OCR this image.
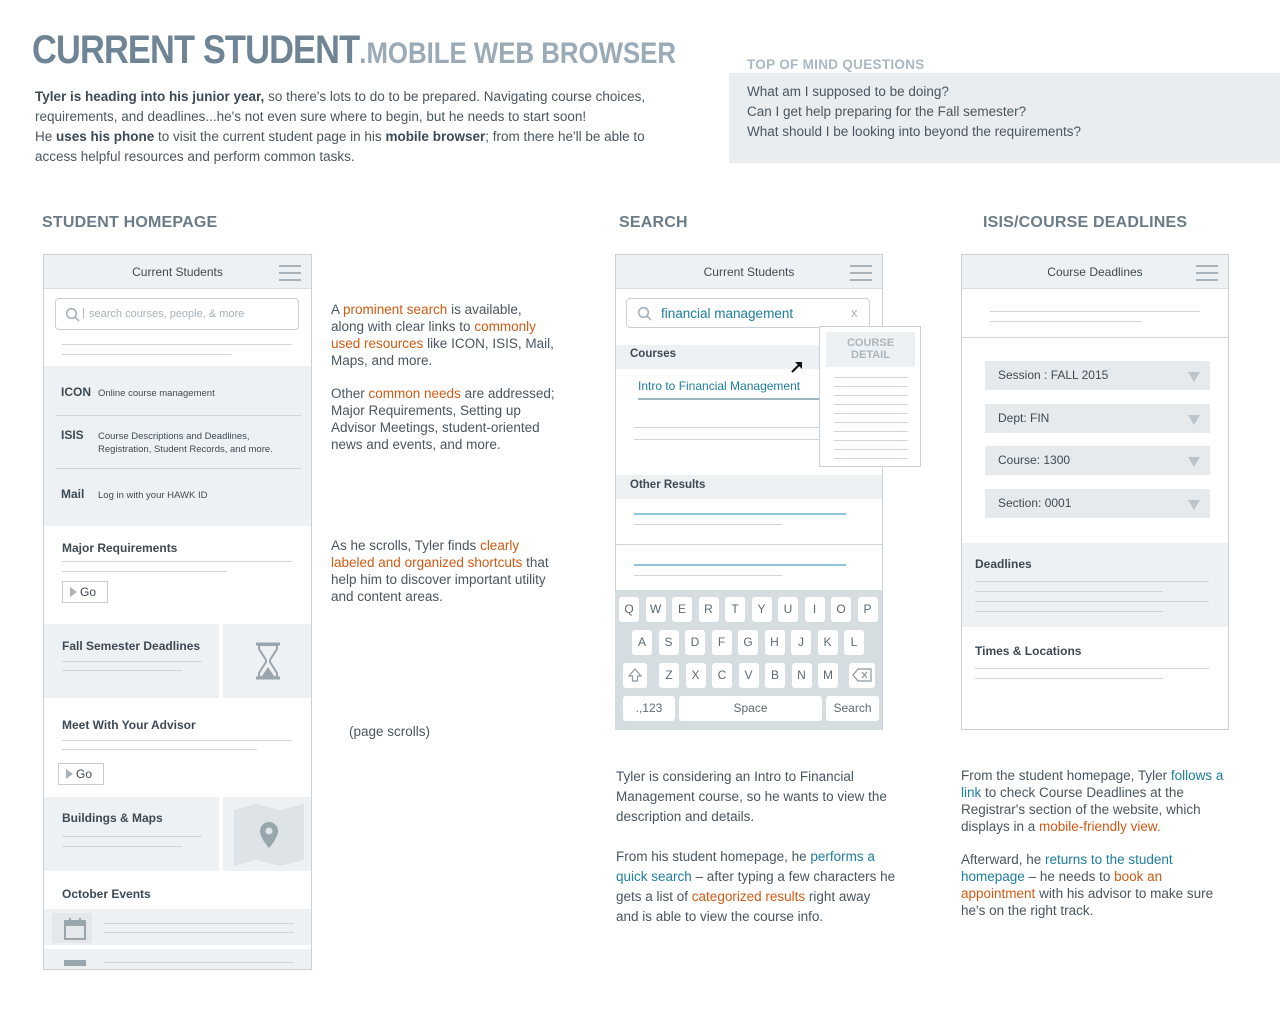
CURRENT STUDENT.MOBILE WEB BROWSER
Tyler is heading into his junior year, so there's lots to do to be prepared. Navigating course choices, requirements, and deadlines...he's not even sure where to begin, but he needs to start soon!
He uses his phone to visit the current student page in his mobile browser; from there he'll be able to access helpful resources and perform common tasks.
TOP OF MIND QUESTIONS
What am I supposed to be doing?
Can I get help preparing for the Fall semester?
What should I be looking into beyond the requirements?
STUDENT HOMEPAGE	SEARCH	ISIS/COURSE DEADLINES
Current Students
| search courses, people, & more
ICON Online course management
ISIS Course Descriptions and Deadlines, Registration, Student Records, and more.
Mail Log in with your HAWK ID
Major Requirements
Go
Fall Semester Deadlines
Meet With Your Advisor
Go
Buildings & Maps
October Events
A prominent search is available, along with clear links to commonly used resources like ICON, ISIS, Mail, Maps, and more.
Other common needs are addressed; Major Requirements, Setting up Advisor Meetings, student-oriented news and events, and more.
As he scrolls, Tyler finds clearly labeled and organized shortcuts that help him to discover important utility and content areas.
(page scrolls)
Current Students
financial management	x
Courses
Intro to Financial Management
Other Results
COURSE
DETAIL
Q	W	E	R	T	Y	U	I	O	P
A	S	D	F	G	H	J	K	L
Z	X	C	V	B	N	M
.,123	Space	Search
Tyler is considering an Intro to Financial Management course, so he wants to view the description and details.
From his student homepage, he performs a quick search – after typing a few characters he gets a list of categorized results right away and is able to view the course info.
Course Deadlines
Deadlines
Times & Locations
Session : FALL 2015
Dept: FIN
Course: 1300
Section: 0001
From the student homepage, Tyler follows a link to check Course Deadlines at the Registrar's section of the website, which displays in a mobile-friendly view.
Afterward, he returns to the student homepage – he needs to book an appointment with his advisor to make sure he's on the right track.
